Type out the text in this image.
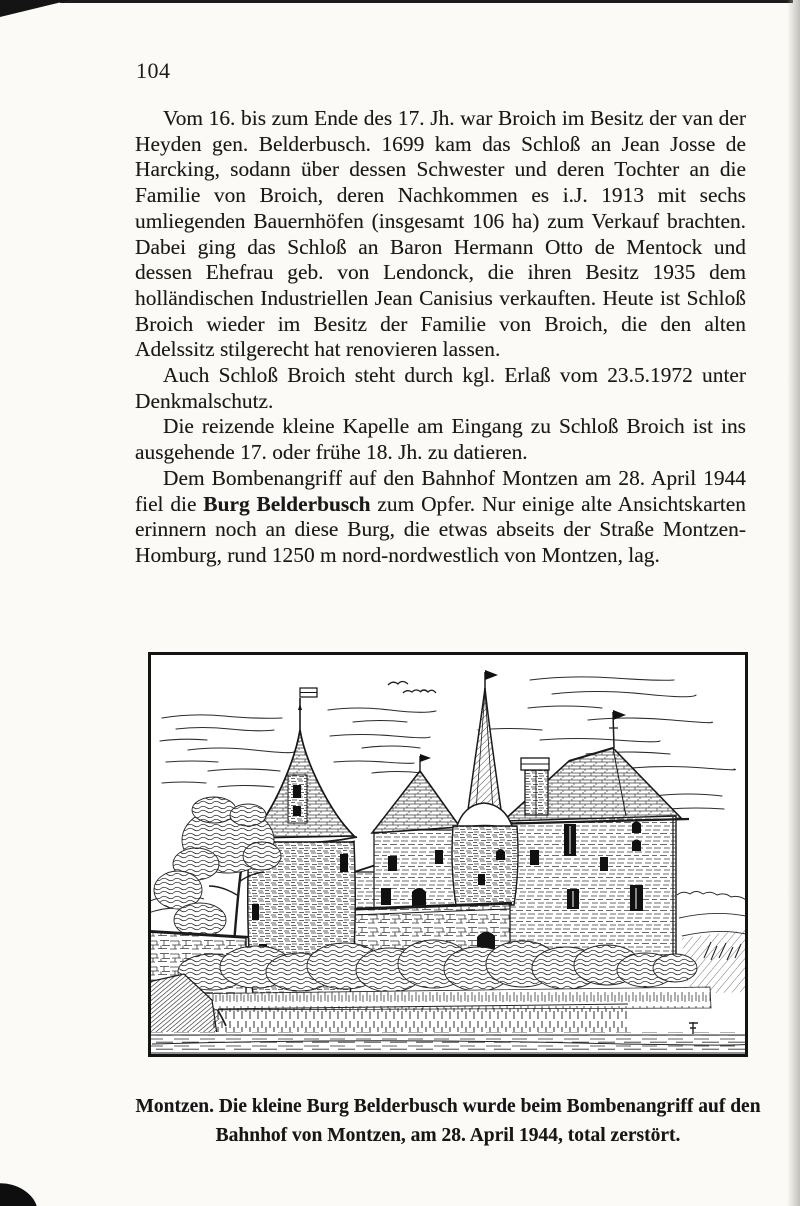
104

Vom 16. bis zum Ende des 17. Jh. war Broich im Besitz der van der Heyden gen. Belderbusch. 1699 kam das Schloß an Jean Josse de Harcking, sodann über dessen Schwester und deren Tochter an die Familie von Broich, deren Nachkommen es i.J. 1913 mit sechs umliegenden Bauernhöfen (insgesamt 106 ha) zum Verkauf brachten. Dabei ging das Schloß an Baron Hermann Otto de Mentock und dessen Ehefrau geb. von Lendonck, die ihren Besitz 1935 dem holländischen Industriellen Jean Canisius verkauften. Heute ist Schloß Broich wieder im Besitz der Familie von Broich, die den alten Adelssitz stilgerecht hat renovieren lassen.

Auch Schloß Broich steht durch kgl. Erlaß vom 23.5.1972 unter Denkmalschutz.

Die reizende kleine Kapelle am Eingang zu Schloß Broich ist ins ausgehende 17. oder frühe 18. Jh. zu datieren.

Dem Bombenangriff auf den Bahnhof Montzen am 28. April 1944 fiel die Burg Belderbusch zum Opfer. Nur einige alte Ansichtskarten erinnern noch an diese Burg, die etwas abseits der Straße Montzen-Homburg, rund 1250 m nord-nordwestlich von Montzen, lag.

Montzen. Die kleine Burg Belderbusch wurde beim Bombenangriff auf den Bahnhof von Montzen, am 28. April 1944, total zerstört.
